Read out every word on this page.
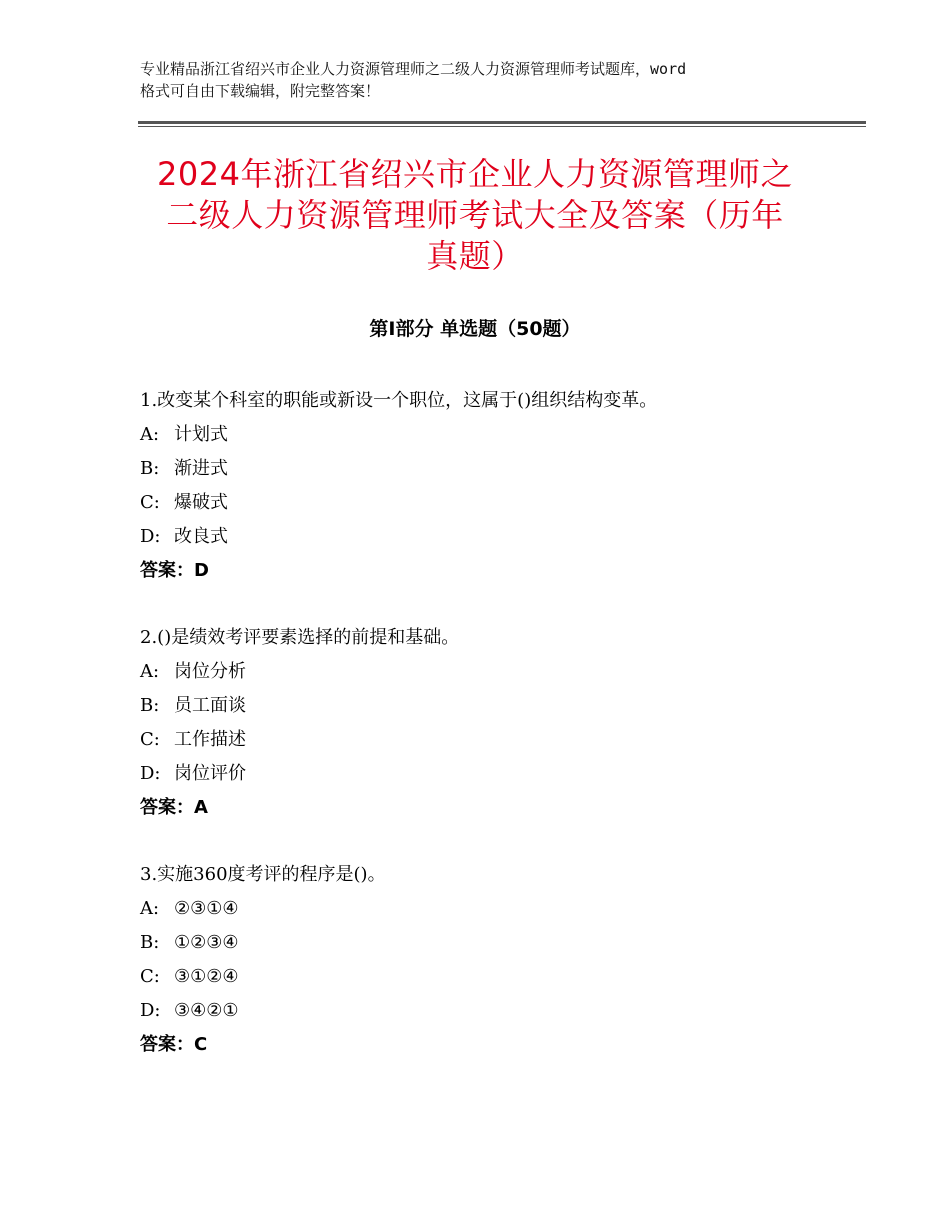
专业精品浙江省绍兴市企业人力资源管理师之二级人力资源管理师考试题库，word
格式可自由下载编辑，附完整答案！
2024年浙江省绍兴市企业人力资源管理师之
二级人力资源管理师考试大全及答案（历年
真题）
第Ⅰ部分 单选题（50题）
1.改变某个科室的职能或新设一个职位，这属于()组织结构变革。
A: 计划式
B: 渐进式
C: 爆破式
D: 改良式
答案：D
2.()是绩效考评要素选择的前提和基础。
A: 岗位分析
B: 员工面谈
C: 工作描述
D: 岗位评价
答案：A
3.实施360度考评的程序是()。
A: ②③①④
B: ①②③④
C: ③①②④
D: ③④②①
答案：C
